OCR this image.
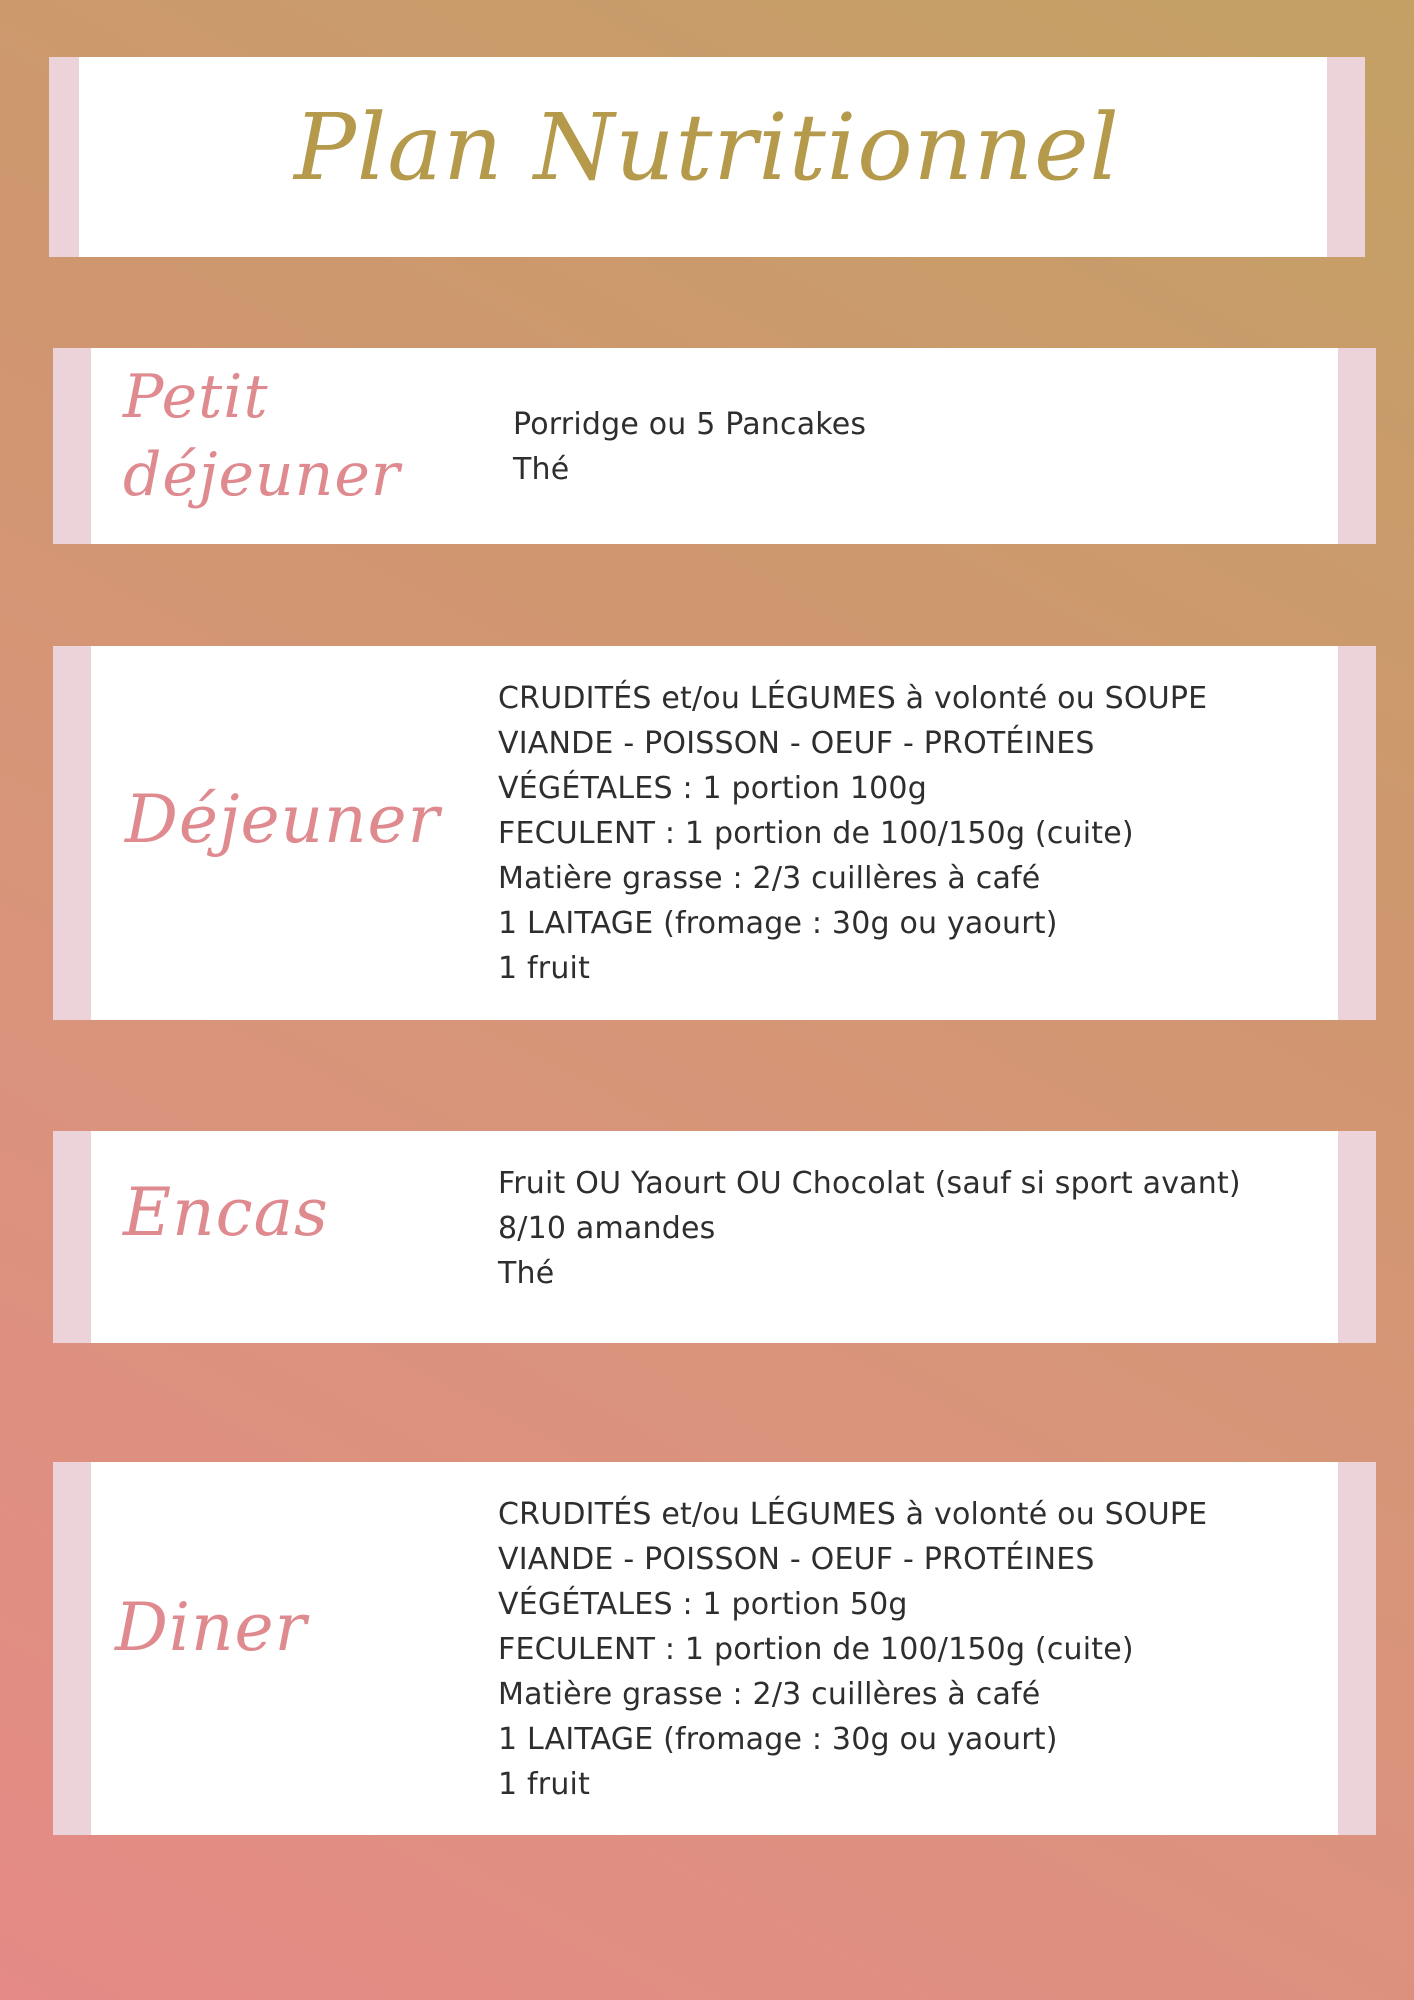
Plan Nutritionnel
Petit
déjeuner
Porridge ou 5 Pancakes
Thé
Déjeuner
CRUDITÉS et/ou LÉGUMES à volonté ou SOUPE
VIANDE - POISSON - OEUF - PROTÉINES
VÉGÉTALES : 1 portion 100g
FECULENT : 1 portion de 100/150g (cuite)
Matière grasse : 2/3 cuillères à café
1 LAITAGE (fromage : 30g ou yaourt)
1 fruit
Encas	Fruit OU Yaourt OU Chocolat (sauf si sport avant)
8/10 amandes
Thé
Diner
CRUDITÉS et/ou LÉGUMES à volonté ou SOUPE
VIANDE - POISSON - OEUF - PROTÉINES
VÉGÉTALES : 1 portion 50g
FECULENT : 1 portion de 100/150g (cuite)
Matière grasse : 2/3 cuillères à café
1 LAITAGE (fromage : 30g ou yaourt)
1 fruit
